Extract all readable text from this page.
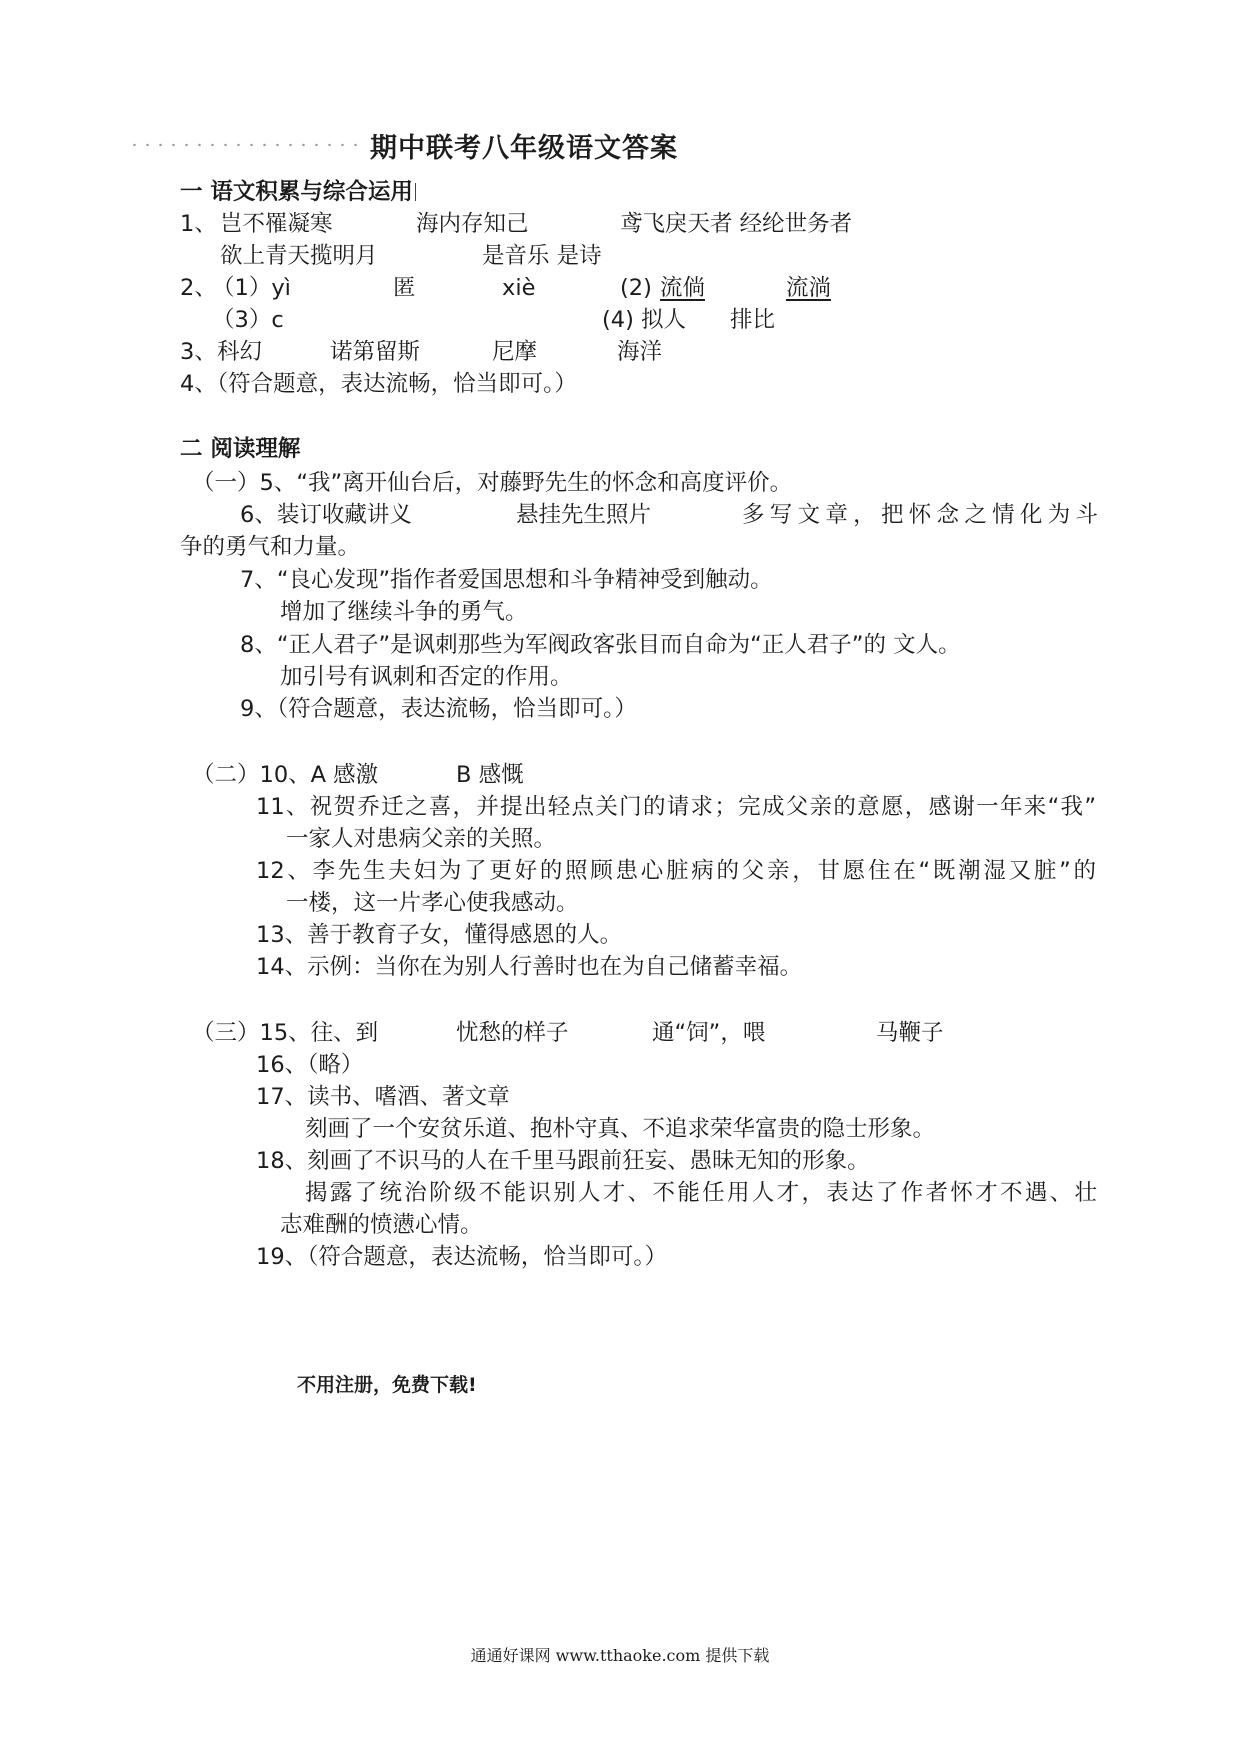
期中联考八年级语文答案
一 语文积累与综合运用
1、 岂不罹凝寒	海内存知己	鸢飞戾天者 经纶世务者
欲上青天揽明月	是音乐 是诗
2、
（1）yì	匿	xiè	(2) 流倘	流淌
（3）c	(4) 拟人 排比
3、 科幻	诺第留斯	尼摩	海洋
4、（符合题意，表达流畅，恰当即可。）
二 阅读理解
（一）5、“我”离开仙台后，对藤野先生的怀念和高度评价。
6、装订收藏讲义	悬挂先生照片	多写文章，把怀念之情化为斗
争的勇气和力量。
7、“良心发现”指作者爱国思想和斗争精神受到触动。
增加了继续斗争的勇气。
8、“正人君子”是讽刺那些为军阀政客张目而自命为“正人君子”的 文人。
加引号有讽刺和否定的作用。
9、（符合题意，表达流畅，恰当即可。）
（二）10、A 感激	B 感慨
11、祝贺乔迁之喜，并提出轻点关门的请求；完成父亲的意愿，感谢一年来“我”
一家人对患病父亲的关照。
12、李先生夫妇为了更好的照顾患心脏病的父亲，甘愿住在“既潮湿又脏”的
一楼，这一片孝心使我感动。
13、善于教育子女，懂得感恩的人。
14、示例：当你在为别人行善时也在为自己储蓄幸福。
（三）15、往、到	忧愁的样子	通“饲”，喂	马鞭子
16、（略）
17、读书、嗜酒、著文章
刻画了一个安贫乐道、抱朴守真、不追求荣华富贵的隐士形象。
18、刻画了不识马的人在千里马跟前狂妄、愚昧无知的形象。
揭露了统治阶级不能识别人才、不能任用人才，表达了作者怀才不遇、壮
志难酬的愤懑心情。
19、（符合题意，表达流畅，恰当即可。）
不用注册，免费下载!
通通好课网 www.tthaoke.com 提供下载
